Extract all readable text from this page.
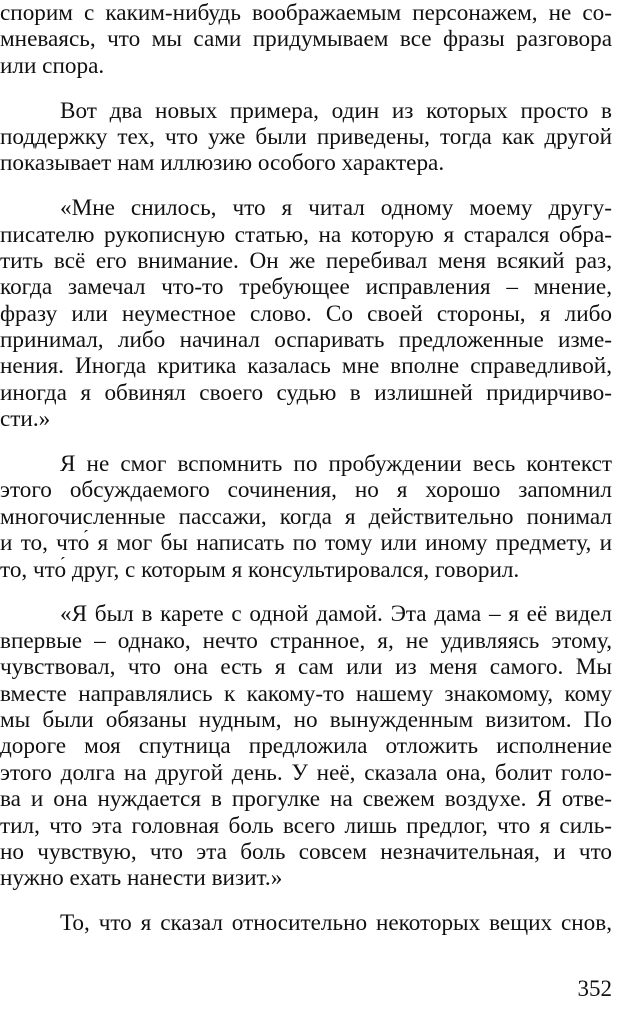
спорим с каким-нибудь воображаемым персонажем, не со-
мневаясь, что мы сами придумываем все фразы разговора
или спора.
Вот два новых примера, один из которых просто в
поддержку тех, что уже были приведены, тогда как другой
показывает нам иллюзию особого характера.
«Мне снилось, что я читал одному моему другу-
писателю рукописную статью, на которую я старался обра-
тить всё его внимание. Он же перебивал меня всякий раз,
когда замечал что-то требующее исправления – мнение,
фразу или неуместное слово. Со своей стороны, я либо
принимал, либо начинал оспаривать предложенные изме-
нения. Иногда критика казалась мне вполне справедливой,
иногда я обвинял своего судью в излишней придирчиво-
сти.»
Я не смог вспомнить по пробуждении весь контекст
этого обсуждаемого сочинения, но я хорошо запомнил
многочисленные пассажи, когда я действительно понимал
и то, что́ я мог бы написать по тому или иному предмету, и
то, что́ друг, с которым я консультировался, говорил.
«Я был в карете с одной дамой. Эта дама – я её видел
впервые – однако, нечто странное, я, не удивляясь этому,
чувствовал, что она есть я сам или из меня самого. Мы
вместе направлялись к какому-то нашему знакомому, кому
мы были обязаны нудным, но вынужденным визитом. По
дороге моя спутница предложила отложить исполнение
этого долга на другой день. У неё, сказала она, болит голо-
ва и она нуждается в прогулке на свежем воздухе. Я отве-
тил, что эта головная боль всего лишь предлог, что я силь-
но чувствую, что эта боль совсем незначительная, и что
нужно ехать нанести визит.»
То, что я сказал относительно некоторых вещих снов,
352
